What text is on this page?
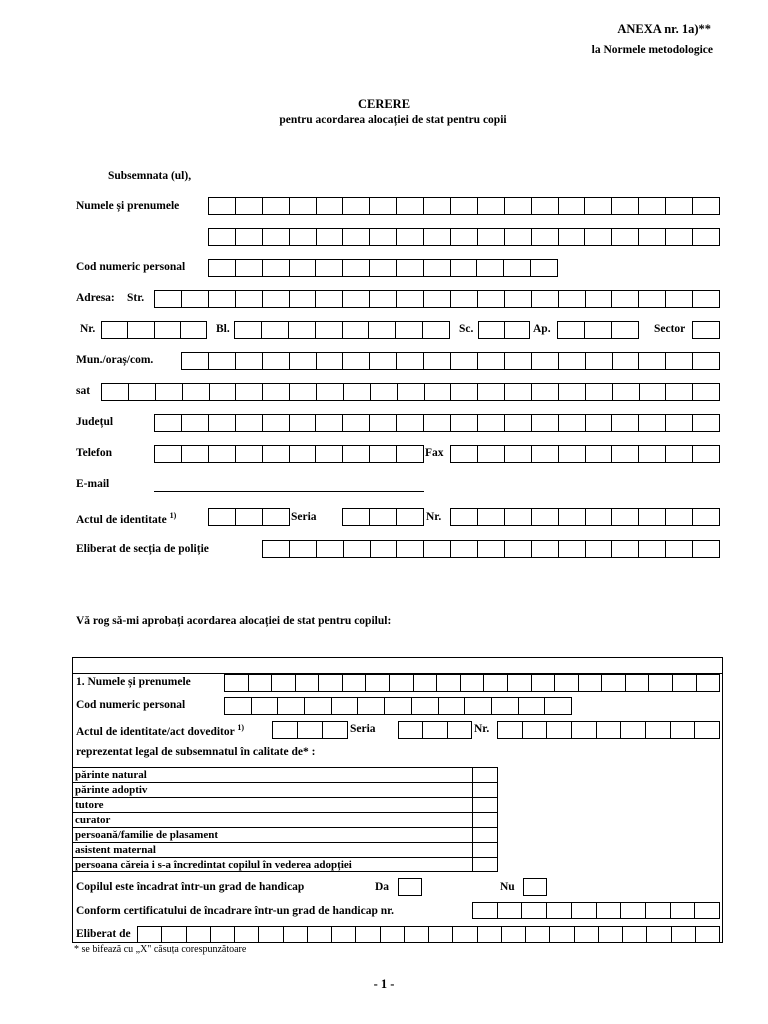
ANEXA nr. 1a)**
la Normele metodologice
CERERE
pentru acordarea alocației de stat pentru copii
Subsemnata (ul),
Numele și prenumele
Cod numeric personal
Adresa: Str.
Nr.	Bl.	Sc.	Ap.	Sector
Mun./oraș/com.
sat
Județul
Telefon	Fax
E-mail
Actul de identitate $^{1)}$	Seria	Nr.
Eliberat de secția de poliție
Vă rog să-mi aprobați acordarea alocației de stat pentru copilul:
1. Numele și prenumele
Cod numeric personal
Actul de identitate/act doveditor $^{1)}$	Seria	Nr.
reprezentat legal de subsemnatul în calitate de* :
părinte natural
părinte adoptiv
tutore
curator
persoană/familie de plasament
asistent maternal
persoana căreia i s-a încredintat copilul în vederea adopției
Copilul este încadrat într-un grad de handicap	Da	Nu
Conform certificatului de încadrare într-un grad de handicap nr.
Eliberat de
* se bifează cu „X" căsuța corespunzătoare
- 1 -
